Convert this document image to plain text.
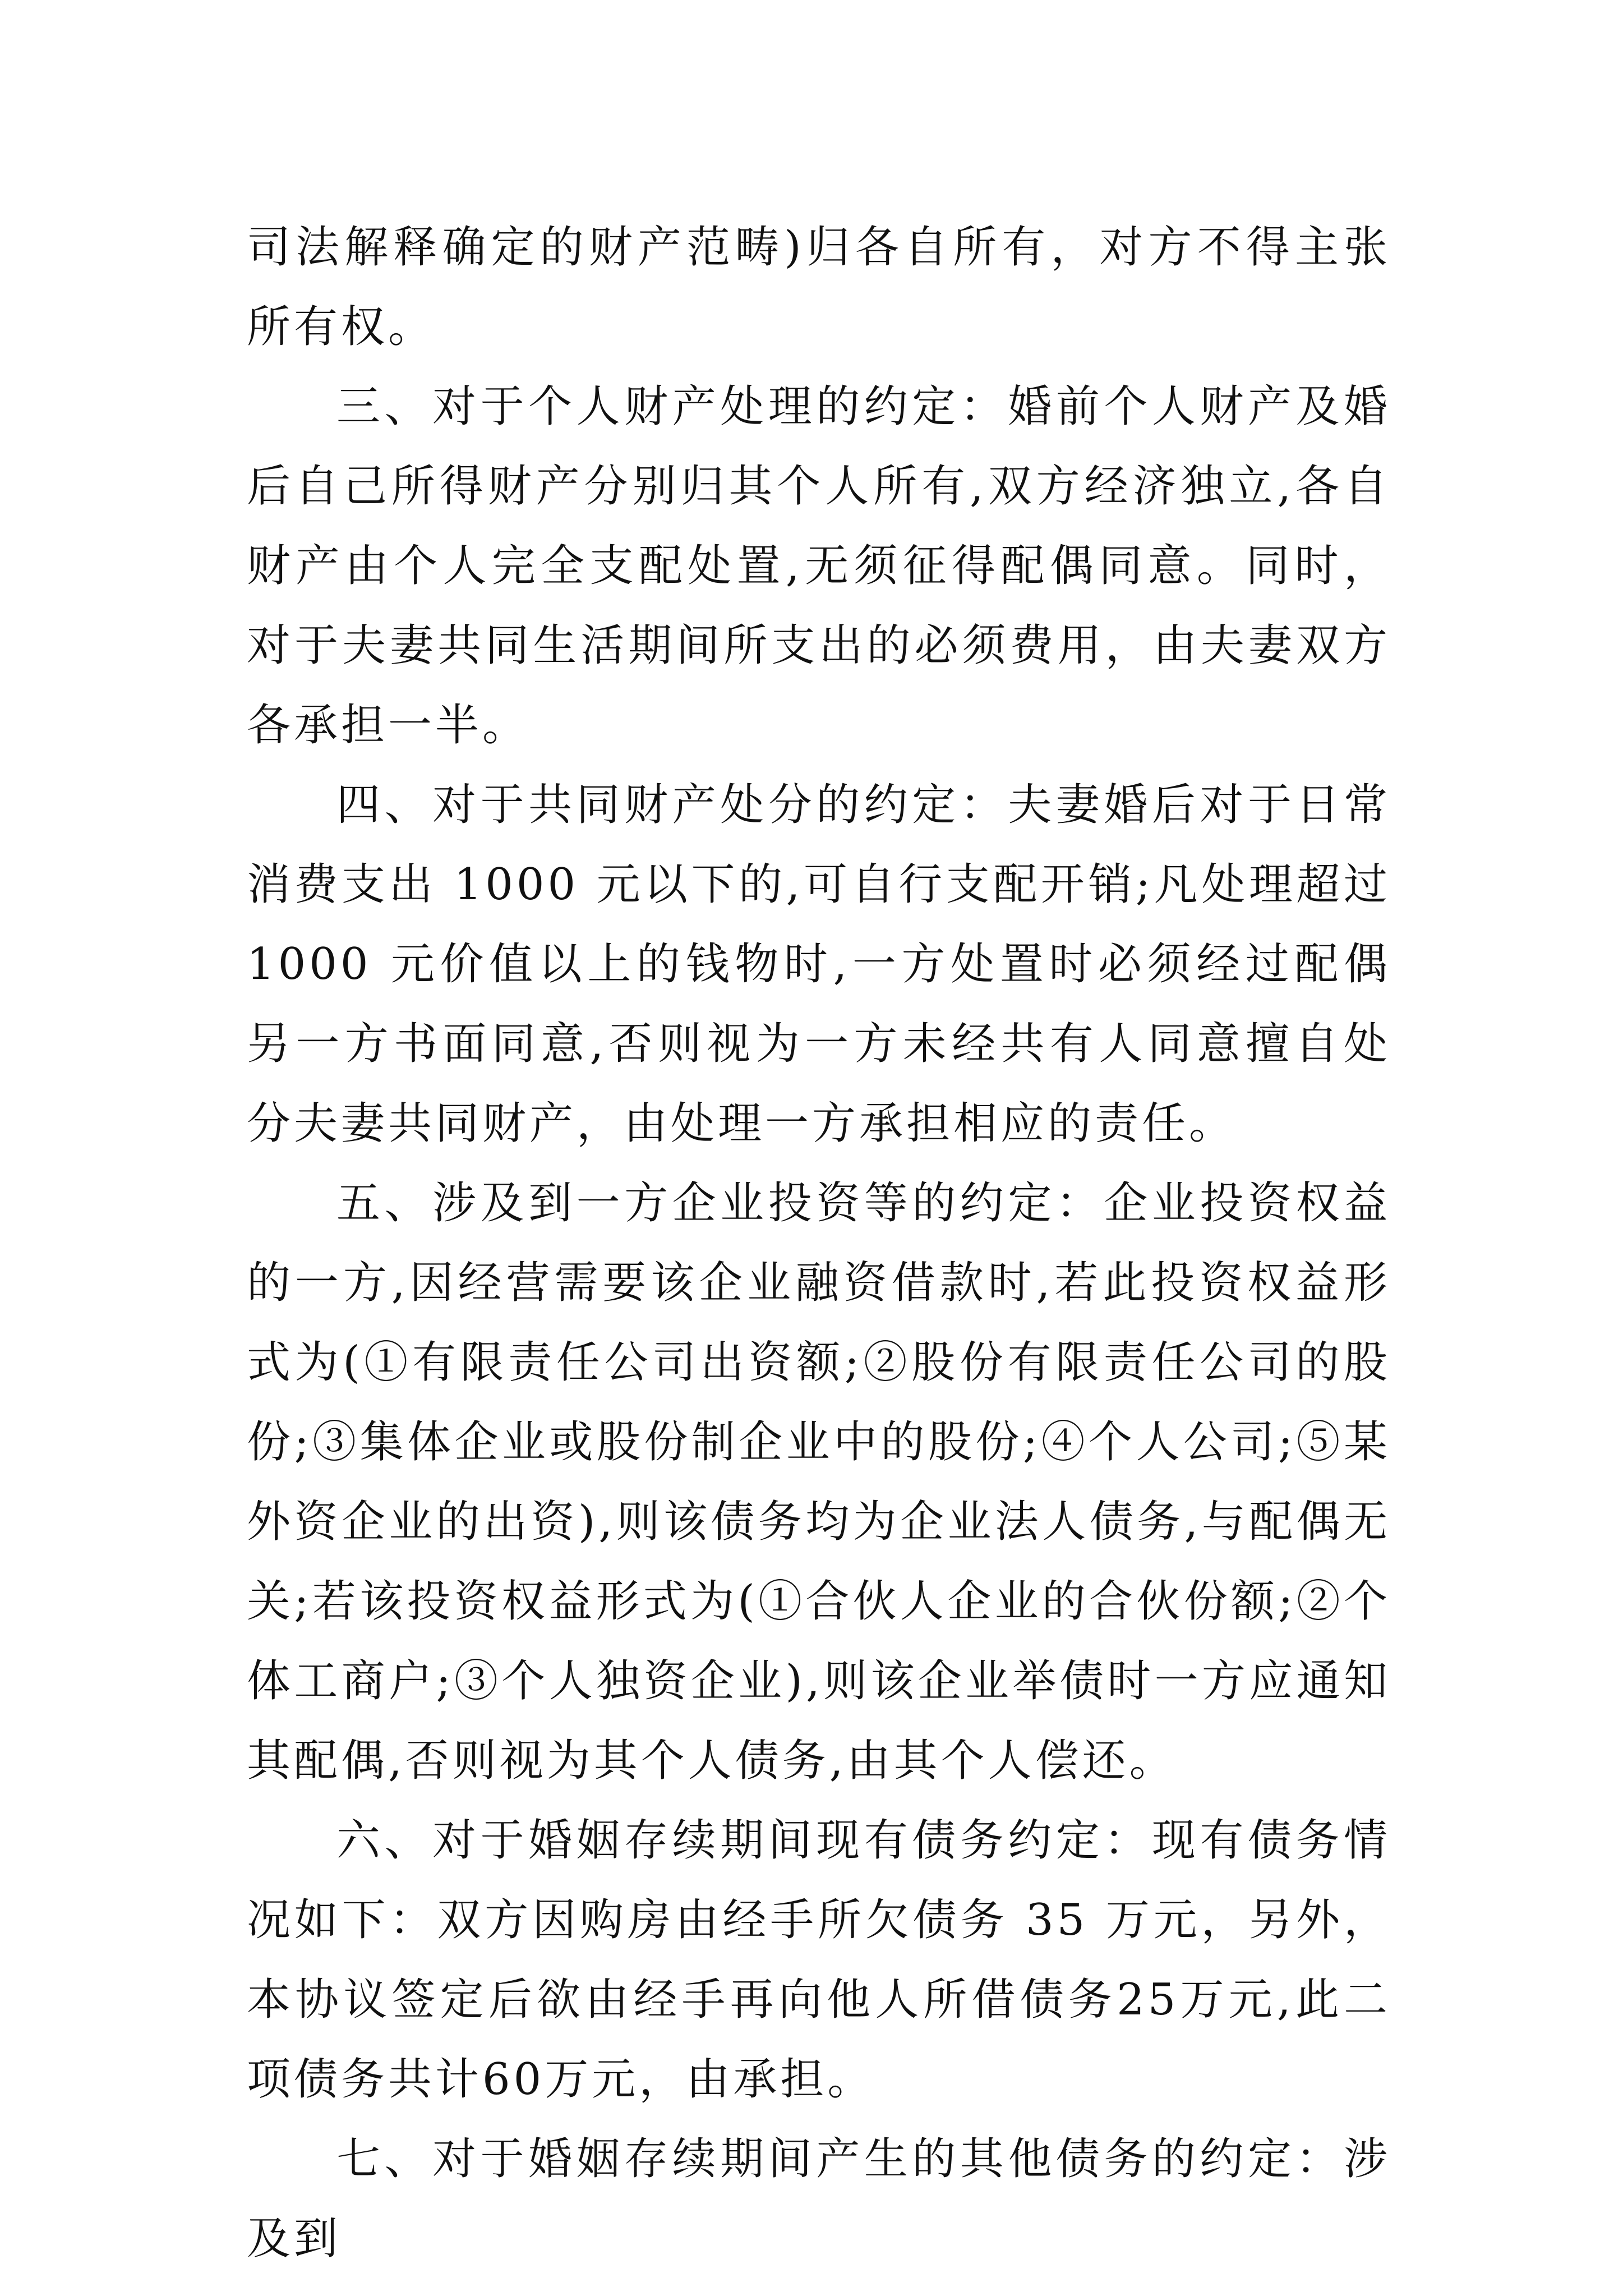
司法解释确定的财产范畴)归各自所有，对方不得主张所有权。

三、对于个人财产处理的约定：婚前个人财产及婚后自己所得财产分别归其个人所有,双方经济独立,各自财产由个人完全支配处置,无须征得配偶同意。同时，对于夫妻共同生活期间所支出的必须费用，由夫妻双方各承担一半。

四、对于共同财产处分的约定：夫妻婚后对于日常消费支出 1000 元以下的,可自行支配开销;凡处理超过 1000 元价值以上的钱物时,一方处置时必须经过配偶另一方书面同意,否则视为一方未经共有人同意擅自处分夫妻共同财产，由处理一方承担相应的责任。

五、涉及到一方企业投资等的约定：企业投资权益的一方,因经营需要该企业融资借款时,若此投资权益形式为(①有限责任公司出资额;②股份有限责任公司的股份;③集体企业或股份制企业中的股份;④个人公司;⑤某外资企业的出资),则该债务均为企业法人债务,与配偶无关;若该投资权益形式为(①合伙人企业的合伙份额;②个体工商户;③个人独资企业),则该企业举债时一方应通知其配偶,否则视为其个人债务,由其个人偿还。

六、对于婚姻存续期间现有债务约定：现有债务情况如下：双方因购房由经手所欠债务 35 万元，另外，本协议签定后欲由经手再向他人所借债务25万元,此二项债务共计60万元，由承担。

七、对于婚姻存续期间产生的其他债务的约定：涉及到
